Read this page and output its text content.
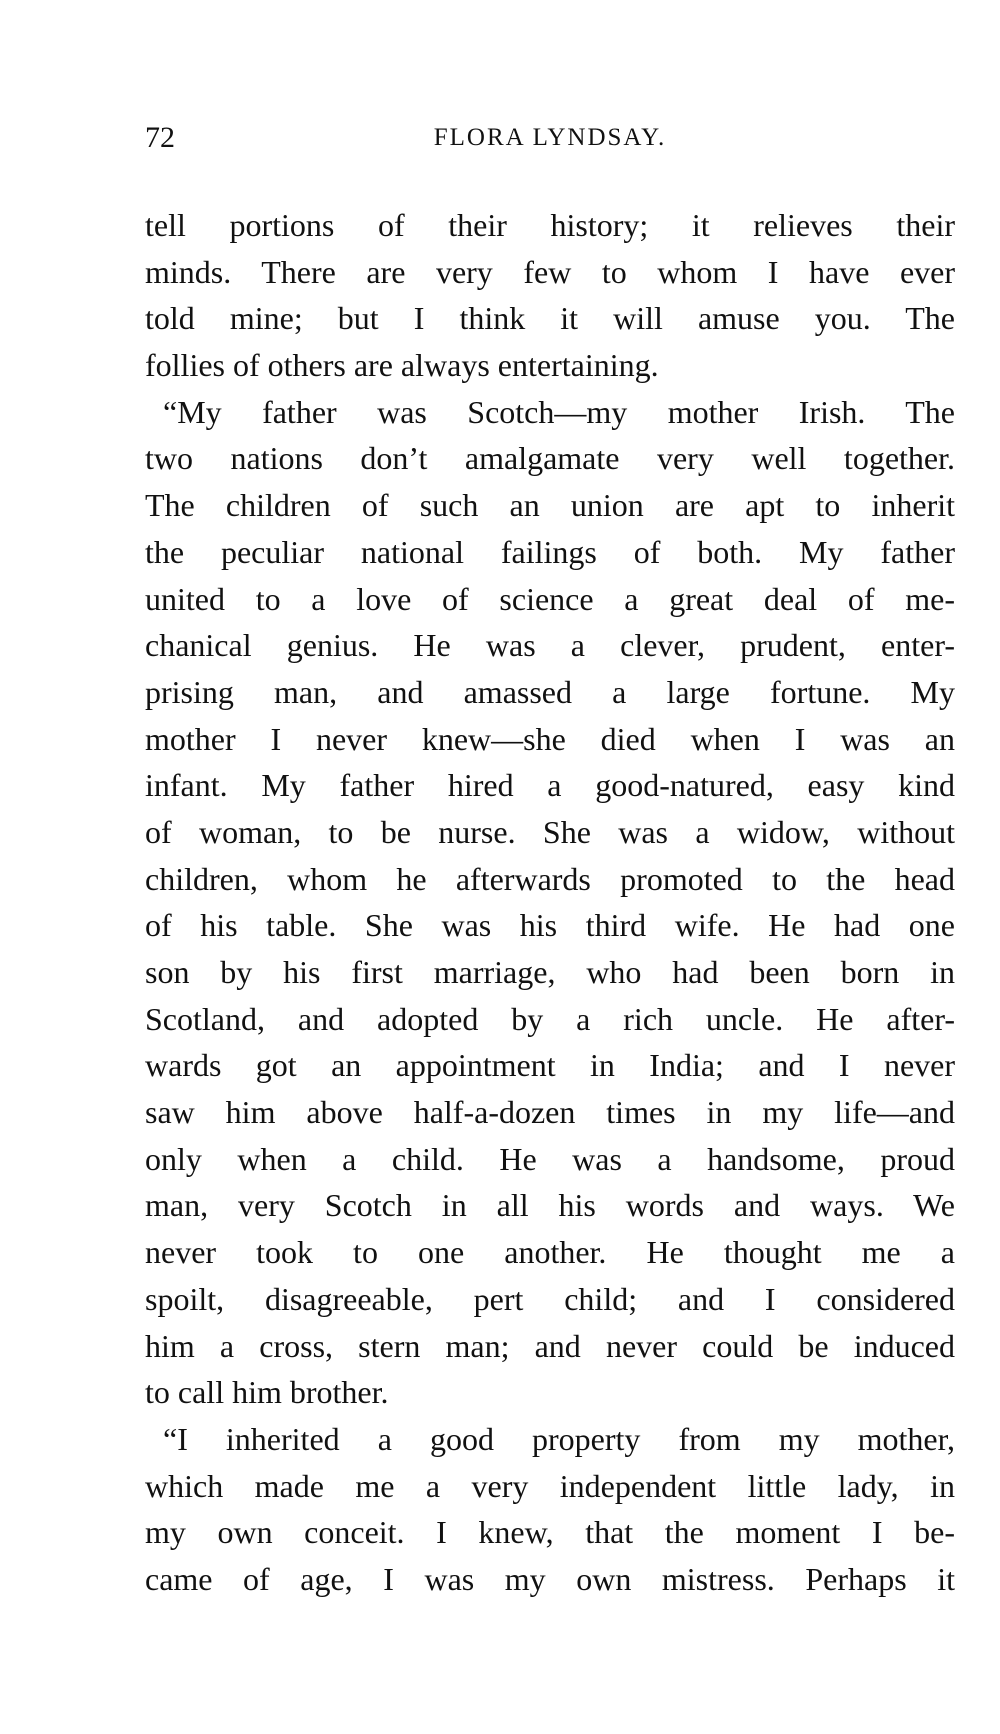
72	FLORA LYNDSAY.

tell portions of their history; it relieves their
minds. There are very few to whom I have ever
told mine; but I think it will amuse you. The
follies of others are always entertaining.

“My father was Scotch—my mother Irish. The
two nations don’t amalgamate very well together.
The children of such an union are apt to inherit
the peculiar national failings of both. My father
united to a love of science a great deal of me-
chanical genius. He was a clever, prudent, enter-
prising man, and amassed a large fortune. My
mother I never knew—she died when I was an
infant. My father hired a good-natured, easy kind
of woman, to be nurse. She was a widow, without
children, whom he afterwards promoted to the head
of his table. She was his third wife. He had one
son by his first marriage, who had been born in
Scotland, and adopted by a rich uncle. He after-
wards got an appointment in India; and I never
saw him above half-a-dozen times in my life—and
only when a child. He was a handsome, proud
man, very Scotch in all his words and ways. We
never took to one another. He thought me a
spoilt, disagreeable, pert child; and I considered
him a cross, stern man; and never could be induced
to call him brother.

“I inherited a good property from my mother,
which made me a very independent little lady, in
my own conceit. I knew, that the moment I be-
came of age, I was my own mistress. Perhaps it
